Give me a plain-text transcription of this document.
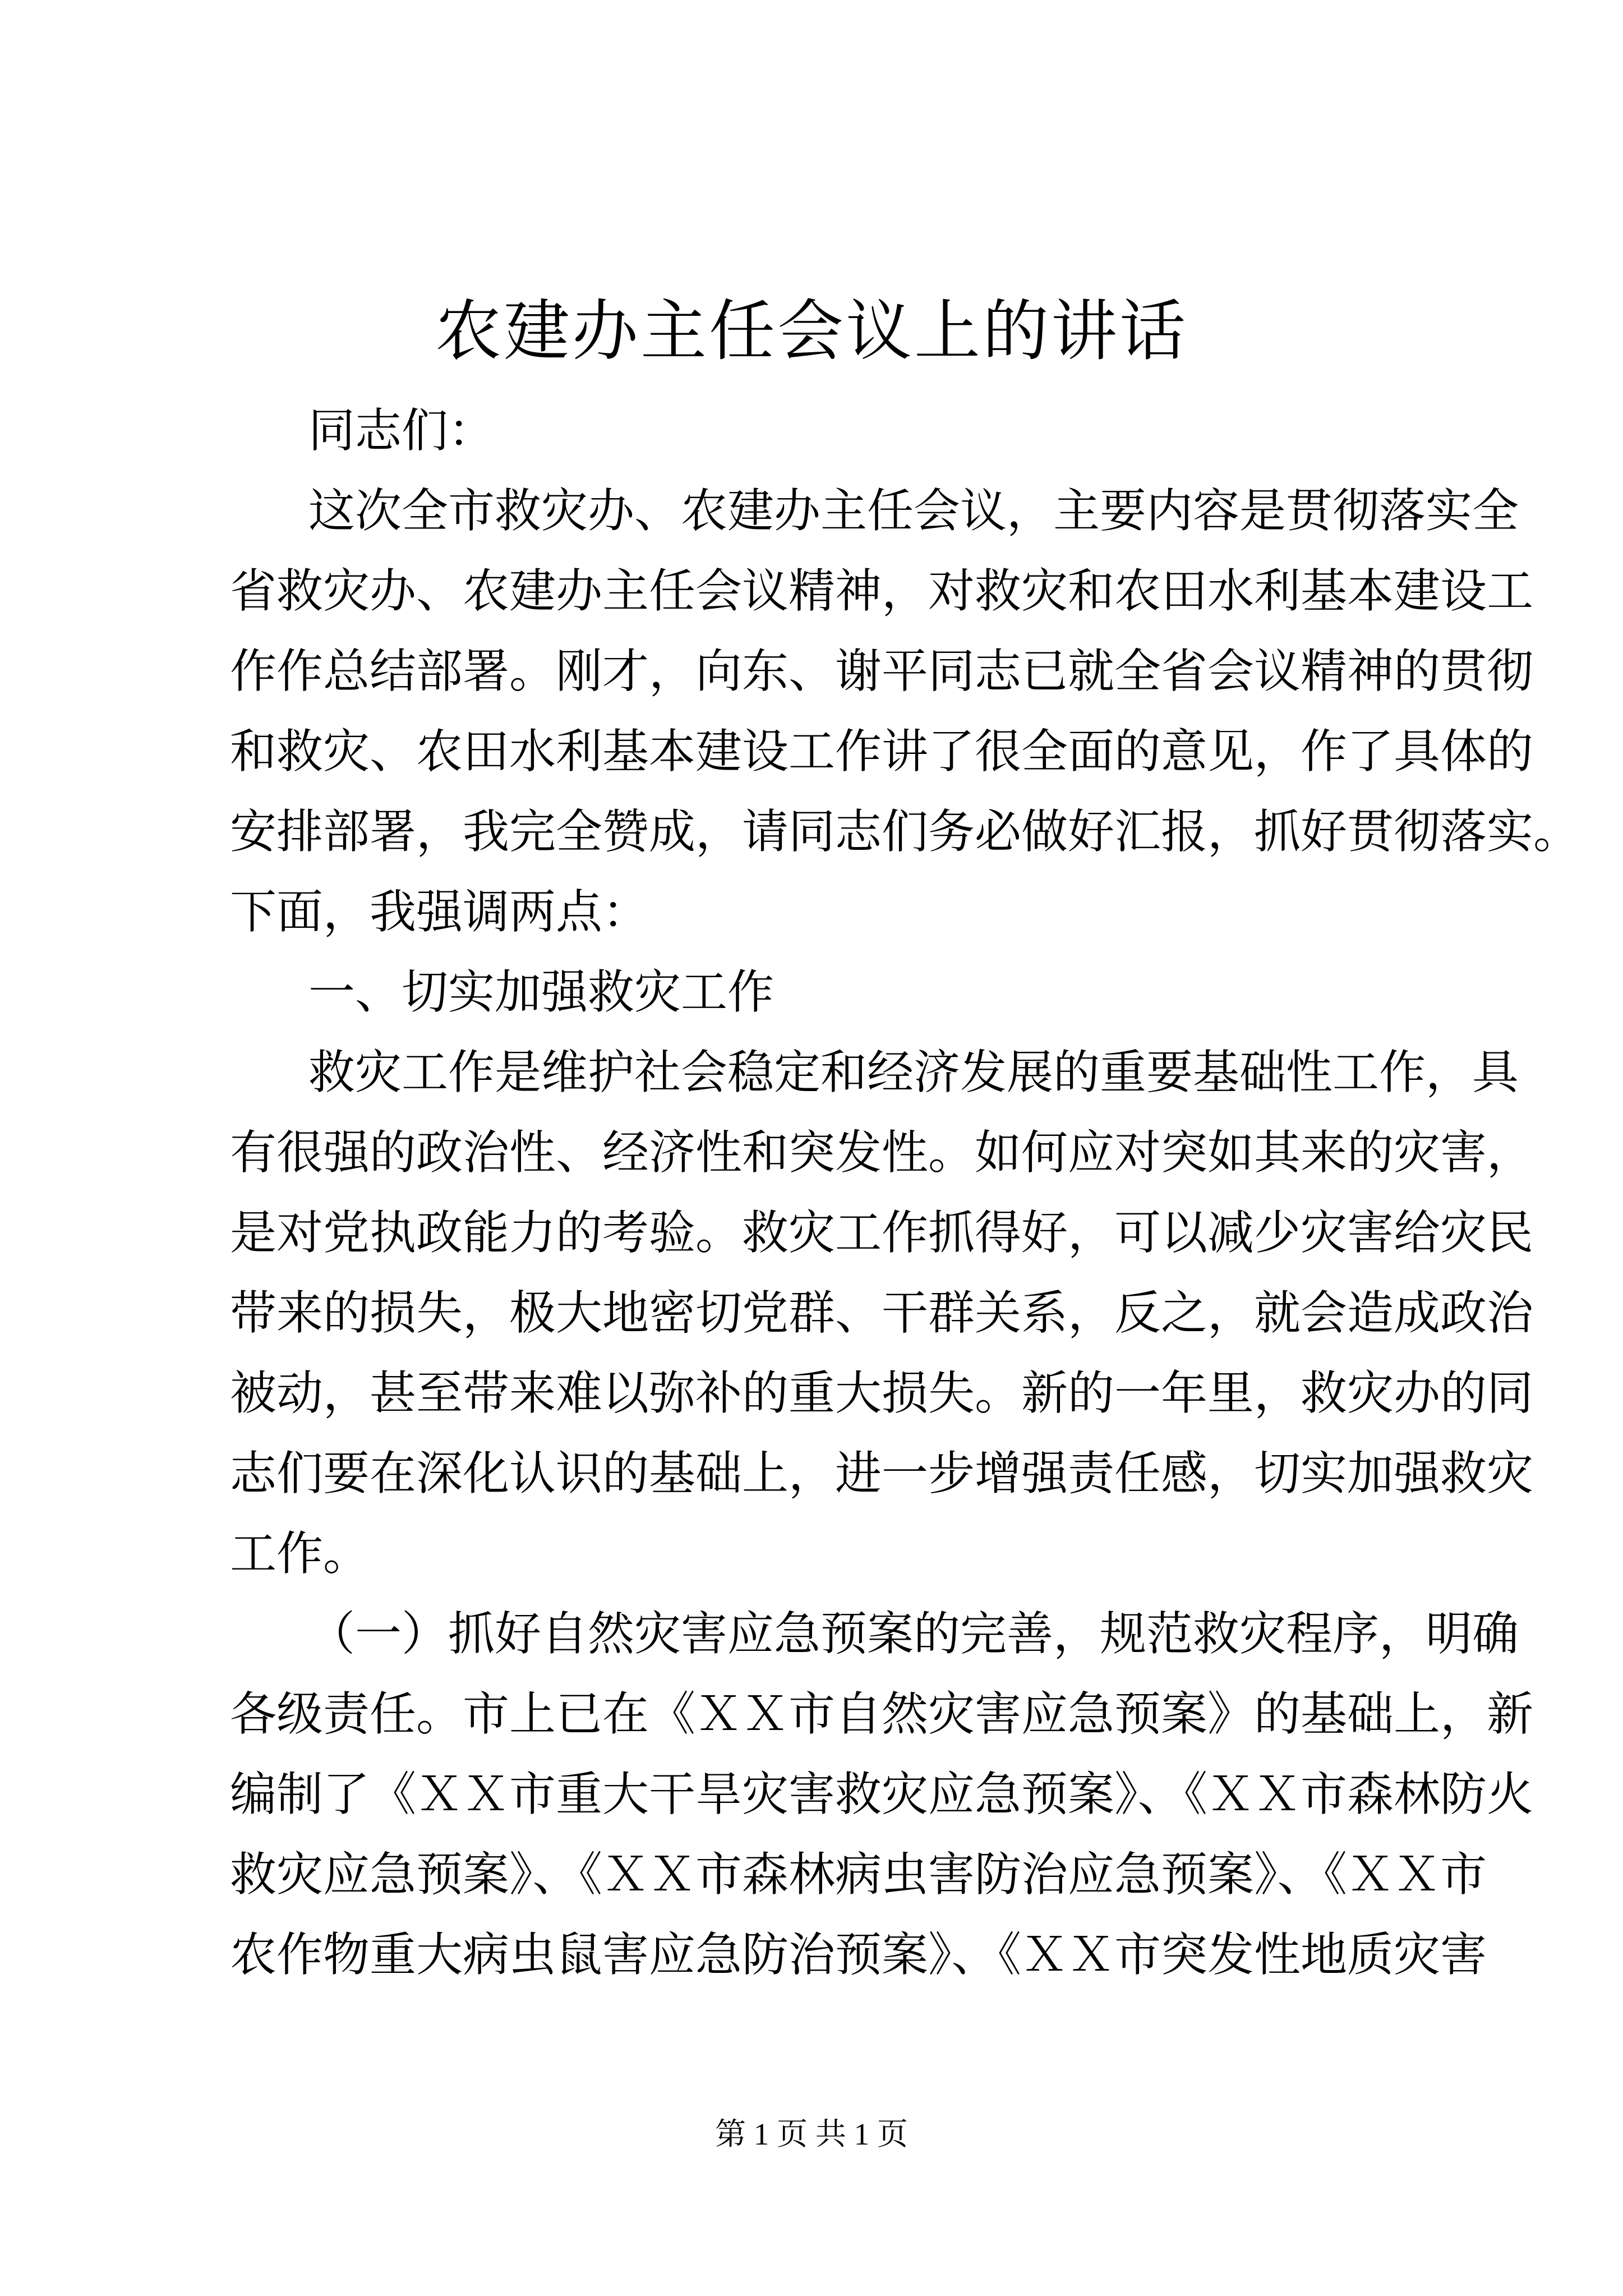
农建办主任会议上的讲话
同志们：
这次全市救灾办、农建办主任会议，主要内容是贯彻落实全
省救灾办、农建办主任会议精神，对救灾和农田水利基本建设工
作作总结部署。刚才，向东、谢平同志已就全省会议精神的贯彻
和救灾、农田水利基本建设工作讲了很全面的意见，作了具体的
安排部署，我完全赞成，请同志们务必做好汇报，抓好贯彻落实。
下面，我强调两点：
一、切实加强救灾工作
救灾工作是维护社会稳定和经济发展的重要基础性工作，具
有很强的政治性、经济性和突发性。如何应对突如其来的灾害，
是对党执政能力的考验。救灾工作抓得好，可以减少灾害给灾民
带来的损失，极大地密切党群、干群关系，反之，就会造成政治
被动，甚至带来难以弥补的重大损失。新的一年里，救灾办的同
志们要在深化认识的基础上，进一步增强责任感，切实加强救灾
工作。
（一）抓好自然灾害应急预案的完善，规范救灾程序，明确
各级责任。市上已在《ＸＸ市自然灾害应急预案》的基础上，新
编制了《ＸＸ市重大干旱灾害救灾应急预案》、《ＸＸ市森林防火
救灾应急预案》、《ＸＸ市森林病虫害防治应急预案》、《ＸＸ市
农作物重大病虫鼠害应急防治预案》、《ＸＸ市突发性地质灾害
第 1 页 共 1 页
